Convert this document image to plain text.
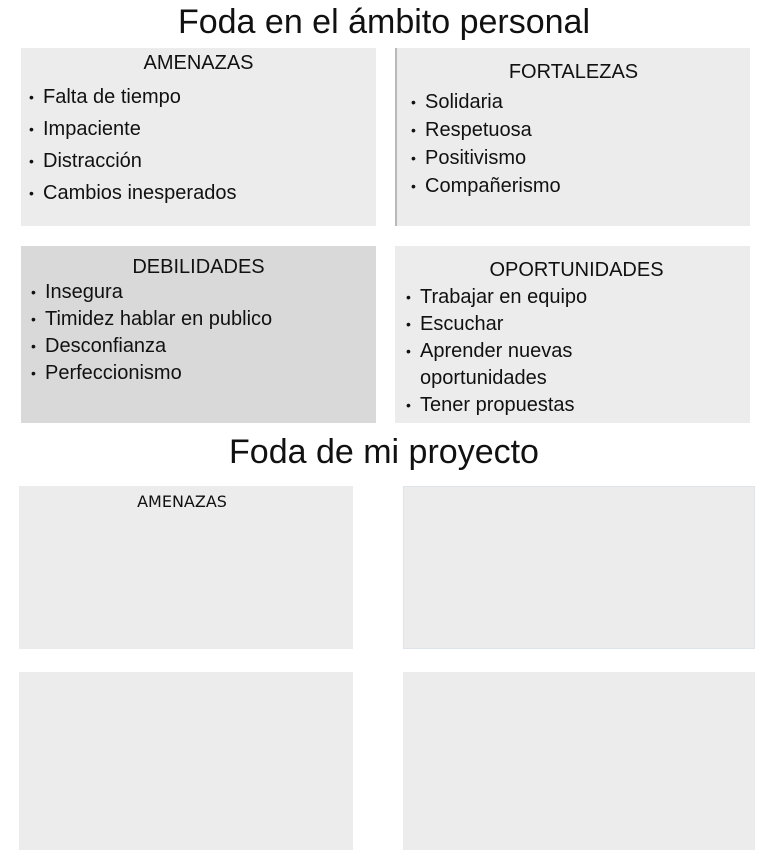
Foda en el ámbito personal
AMENAZAS
• Falta de tiempo
• Impaciente
• Distracción
• Cambios inesperados
FORTALEZAS
• Solidaria
• Respetuosa
• Positivismo
• Compañerismo
DEBILIDADES
• Insegura
• Timidez hablar en publico
• Desconfianza
• Perfeccionismo
OPORTUNIDADES
• Trabajar en equipo
• Escuchar
• Aprender nuevas oportunidades
• Tener propuestas
Foda de mi proyecto
AMENAZAS
